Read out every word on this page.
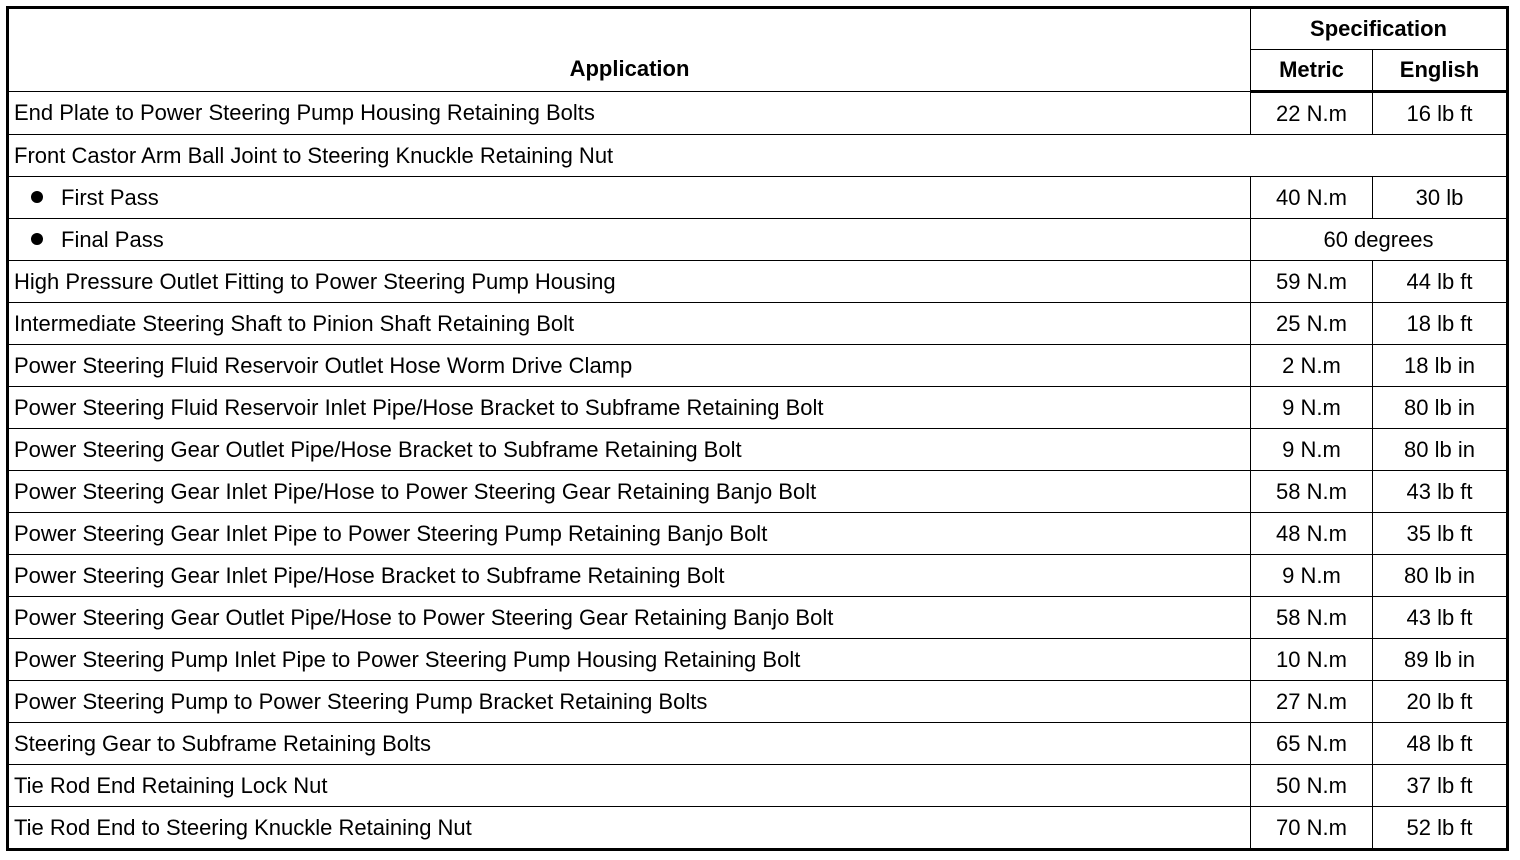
Application	Specification	
	Metric	English
End Plate to Power Steering Pump Housing Retaining Bolts	22 N.m	16 lb ft
Front Castor Arm Ball Joint to Steering Knuckle Retaining Nut		
First Pass	40 N.m	30 lb
Final Pass	60 degrees	
High Pressure Outlet Fitting to Power Steering Pump Housing	59 N.m	44 lb ft
Intermediate Steering Shaft to Pinion Shaft Retaining Bolt	25 N.m	18 lb ft
Power Steering Fluid Reservoir Outlet Hose Worm Drive Clamp	2 N.m	18 lb in
Power Steering Fluid Reservoir Inlet Pipe/Hose Bracket to Subframe Retaining Bolt	9 N.m	80 lb in
Power Steering Gear Outlet Pipe/Hose Bracket to Subframe Retaining Bolt	9 N.m	80 lb in
Power Steering Gear Inlet Pipe/Hose to Power Steering Gear Retaining Banjo Bolt	58 N.m	43 lb ft
Power Steering Gear Inlet Pipe to Power Steering Pump Retaining Banjo Bolt	48 N.m	35 lb ft
Power Steering Gear Inlet Pipe/Hose Bracket to Subframe Retaining Bolt	9 N.m	80 lb in
Power Steering Gear Outlet Pipe/Hose to Power Steering Gear Retaining Banjo Bolt	58 N.m	43 lb ft
Power Steering Pump Inlet Pipe to Power Steering Pump Housing Retaining Bolt	10 N.m	89 lb in
Power Steering Pump to Power Steering Pump Bracket Retaining Bolts	27 N.m	20 lb ft
Steering Gear to Subframe Retaining Bolts	65 N.m	48 lb ft
Tie Rod End Retaining Lock Nut	50 N.m	37 lb ft
Tie Rod End to Steering Knuckle Retaining Nut	70 N.m	52 lb ft
